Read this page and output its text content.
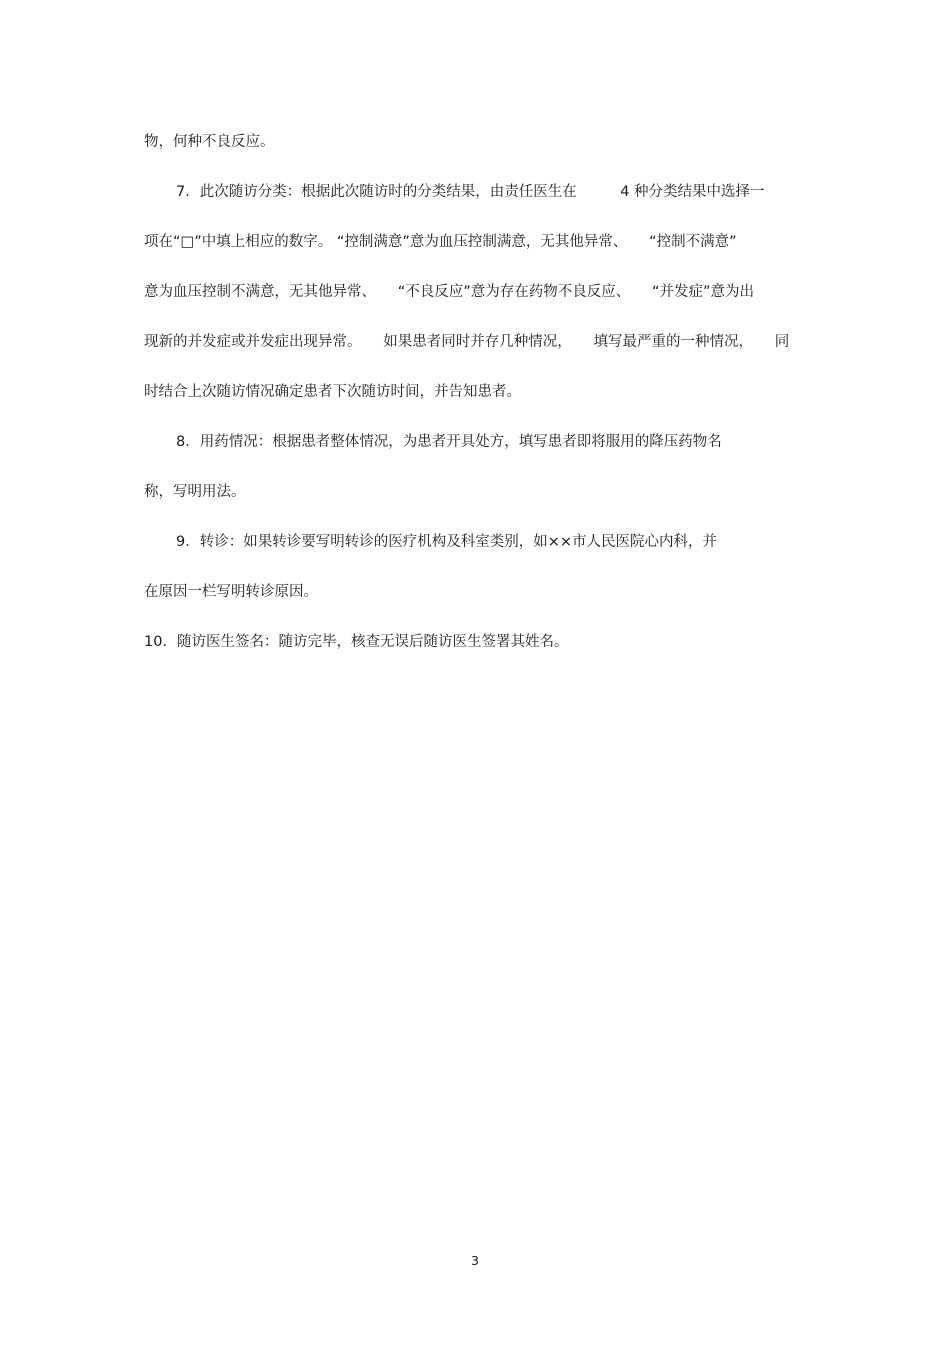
物，何种不良反应。

7．此次随访分类：根据此次随访时的分类结果，由责任医生在　　　4 种分类结果中选择一

项在“□”中填上相应的数字。 “控制满意”意为血压控制满意，无其他异常、　　“控制不满意”

意为血压控制不满意，无其他异常、　　“不良反应”意为存在药物不良反应、　　“并发症”意为出

现新的并发症或并发症出现异常。　　如果患者同时并存几种情况，　　填写最严重的一种情况，　　同

时结合上次随访情况确定患者下次随访时间，并告知患者。

8．用药情况：根据患者整体情况，为患者开具处方，填写患者即将服用的降压药物名

称，写明用法。

9．转诊：如果转诊要写明转诊的医疗机构及科室类别，如××市人民医院心内科，并

在原因一栏写明转诊原因。

10．随访医生签名：随访完毕，核查无误后随访医生签署其姓名。

3
